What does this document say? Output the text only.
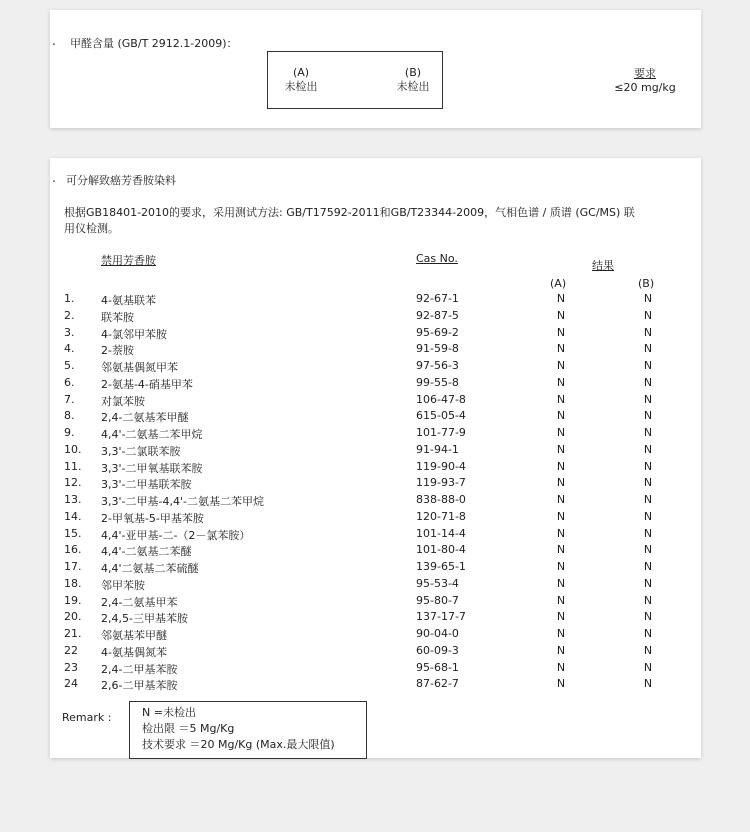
. 甲醛含量 (GB/T 2912.1-2009)：
(A)
未检出
(B)
未检出
要求
≤20 mg/kg
. 可分解致癌芳香胺染料
根据GB18401-2010的要求，采用测试方法: GB/T17592-2011和GB/T23344-2009，气相色谱 / 质谱 (GC/MS) 联
用仪检测。
禁用芳香胺	Cas No.
结果
(A)	(B)
1. 4-氨基联苯	92-67-1	N	N
2. 联苯胺	92-87-5	N	N
3. 4-氯邻甲苯胺	95-69-2	N	N
4. 2-萘胺	91-59-8	N	N
5. 邻氨基偶氮甲苯	97-56-3	N	N
6. 2-氨基-4-硝基甲苯	99-55-8	N	N
7. 对氯苯胺	106-47-8	N	N
8. 2,4-二氨基苯甲醚	615-05-4	N	N
9. 4,4'-二氨基二苯甲烷	101-77-9	N	N
10. 3,3'-二氯联苯胺	91-94-1	N	N
11. 3,3'-二甲氧基联苯胺	119-90-4	N	N
12. 3,3'-二甲基联苯胺	119-93-7	N	N
13. 3,3'-二甲基-4,4'-二氨基二苯甲烷	838-88-0	N	N
14. 2-甲氧基-5-甲基苯胺	120-71-8	N	N
15. 4,4'-亚甲基-二-（2－氯苯胺）	101-14-4	N	N
16. 4,4'-二氨基二苯醚	101-80-4	N	N
17. 4,4'二氨基二苯硫醚	139-65-1	N	N
18. 邻甲苯胺	95-53-4	N	N
19. 2,4-二氨基甲苯	95-80-7	N	N
20. 2,4,5-三甲基苯胺	137-17-7	N	N
21. 邻氨基苯甲醚	90-04-0	N	N
22 4-氨基偶氮苯	60-09-3	N	N
23 2,4-二甲基苯胺	95-68-1	N	N
24 2,6-二甲基苯胺	87-62-7	N	N
Remark :	N =未检出
检出限 ＝5 Mg/Kg
技术要求 ＝20 Mg/Kg (Max.最大限值)
